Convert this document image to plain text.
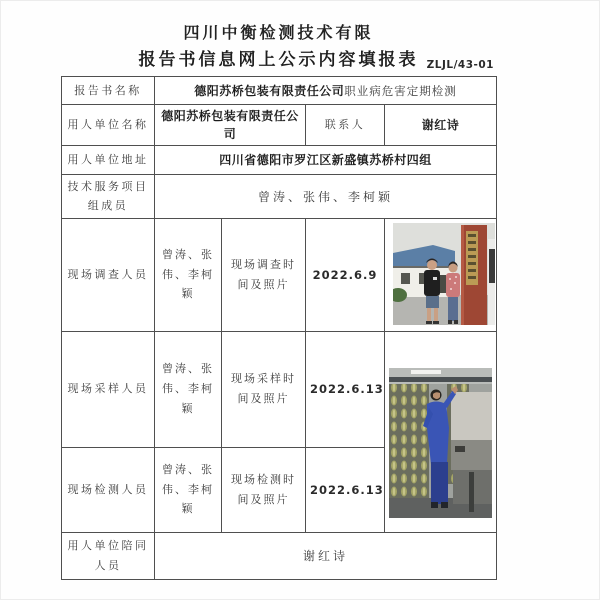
四川中衡检测技术有限
报告书信息网上公示内容填报表 ZLJL/43-01
报告书名称	德阳苏桥包装有限责任公司职业病危害定期检测			
用人单位名称	德阳苏桥包装有限责任公司		联系人	谢红诗
用人单位地址	四川省德阳市罗江区新盛镇苏桥村四组			
技术服务项目组成员	曾涛、张伟、李柯颖			
现场调查人员	曾涛、张伟、李柯颖	现场调查时间及照片	2022.6.9	

现场采样人员	曾涛、张伟、李柯颖	现场采样时间及照片	2022.6.13	
现场检测人员	曾涛、张伟、李柯颖	现场检测时间及照片	2022.6.13	
用人单位陪同人员	谢红诗			
